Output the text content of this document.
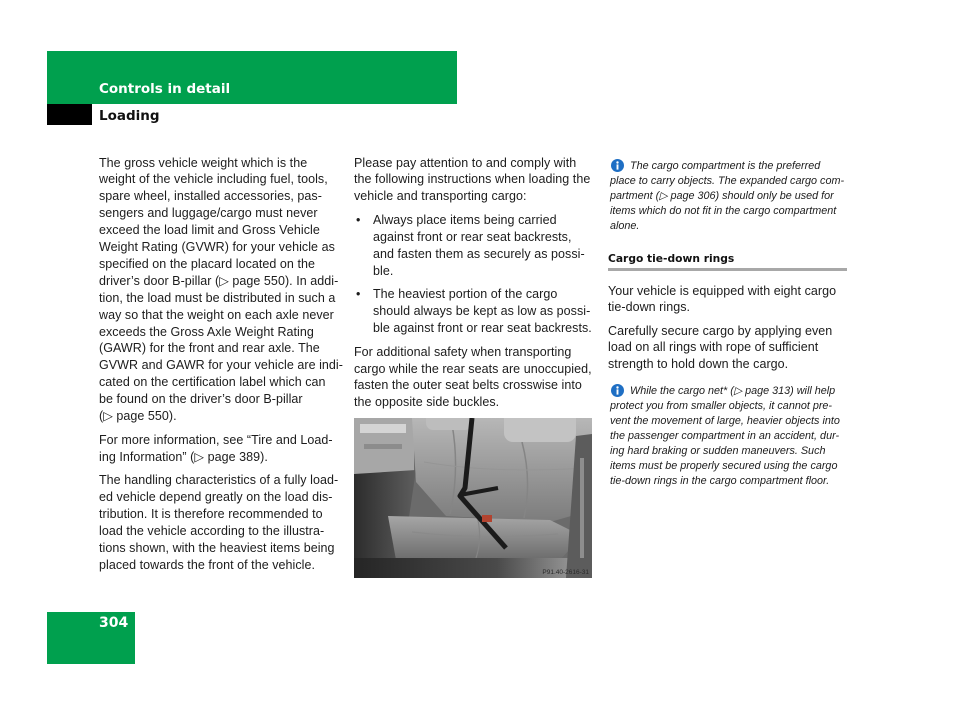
Controls in detail
Loading
The gross vehicle weight which is the
weight of the vehicle including fuel, tools,
spare wheel, installed accessories, pas-
sengers and luggage/cargo must never
exceed the load limit and Gross Vehicle
Weight Rating (GVWR) for your vehicle as
specified on the placard located on the
driver’s door B-pillar (▷ page 550). In addi-
tion, the load must be distributed in such a
way so that the weight on each axle never
exceeds the Gross Axle Weight Rating
(GAWR) for the front and rear axle. The
GVWR and GAWR for your vehicle are indi-
cated on the certification label which can
be found on the driver’s door B-pillar
(▷ page 550).
For more information, see “Tire and Load-
ing Information” (▷ page 389).
The handling characteristics of a fully load-
ed vehicle depend greatly on the load dis-
tribution. It is therefore recommended to
load the vehicle according to the illustra-
tions shown, with the heaviest items being
placed towards the front of the vehicle.
Please pay attention to and comply with
the following instructions when loading the
vehicle and transporting cargo:
• Always place items being carried
against front or rear seat backrests,
and fasten them as securely as possi-
ble.
• The heaviest portion of the cargo
should always be kept as low as possi-
ble against front or rear seat backrests.
For additional safety when transporting
cargo while the rear seats are unoccupied,
fasten the outer seat belts crosswise into
the opposite side buckles.
P91.40-2616-31
The cargo compartment is the preferred
place to carry objects. The expanded cargo com-
partment (▷ page 306) should only be used for
items which do not fit in the cargo compartment
alone.
Cargo tie-down rings
Your vehicle is equipped with eight cargo
tie-down rings.
Carefully secure cargo by applying even
load on all rings with rope of sufficient
strength to hold down the cargo.
While the cargo net* (▷ page 313) will help
protect you from smaller objects, it cannot pre-
vent the movement of large, heavier objects into
the passenger compartment in an accident, dur-
ing hard braking or sudden maneuvers. Such
items must be properly secured using the cargo
tie-down rings in the cargo compartment floor.
304
